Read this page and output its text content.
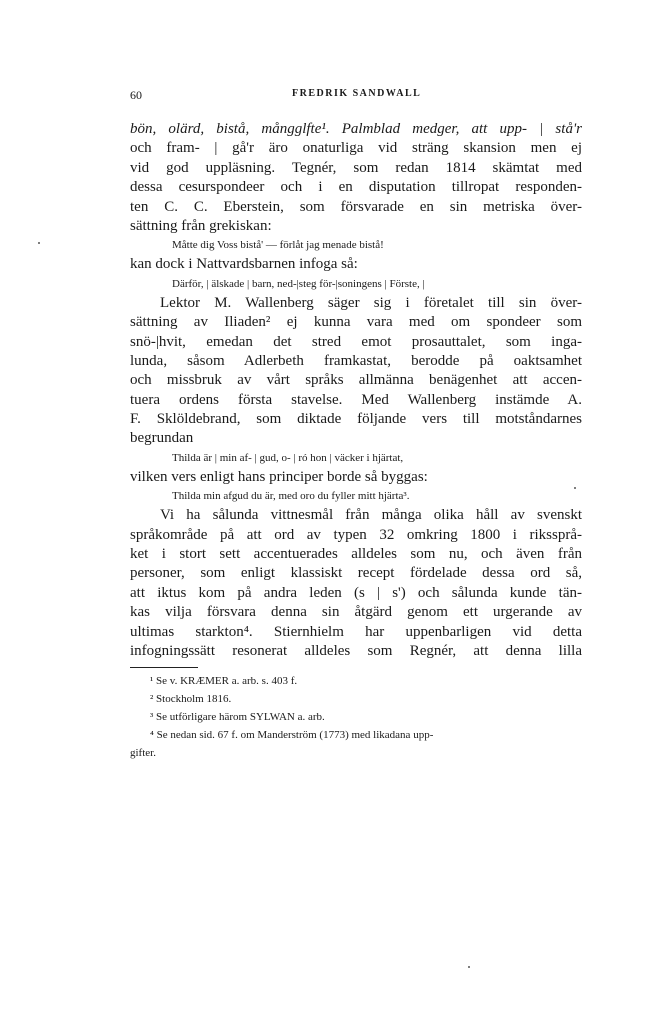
60	FREDRIK SANDWALL
bön, olärd, bistå, mångglfte¹. Palmblad medger, att upp- | stå'r
och fram- | gå'r äro onaturliga vid sträng skansion men ej
vid god uppläsning. Tegnér, som redan 1814 skämtat med
dessa cesurspondeer och i en disputation tillropat responden-
ten C. C. Eberstein, som försvarade en sin metriska över-
sättning från grekiskan:
Måtte dig Voss bistå' — förlåt jag menade bistå!
kan dock i Nattvardsbarnen infoga så:
Därför, | älskade | barn, ned-|steg för-|soningens | Förste, |
Lektor M. Wallenberg säger sig i företalet till sin över-
sättning av Iliaden² ej kunna vara med om spondeer som
snö-|hvit, emedan det stred emot prosauttalet, som inga-
lunda, såsom Adlerbeth framkastat, berodde på oaktsamhet
och missbruk av vårt språks allmänna benägenhet att accen-
tuera ordens första stavelse. Med Wallenberg instämde A.
F. Sklöldebrand, som diktade följande vers till motståndarnes
begrundan
Thilda är | min af- | gud, o- | ró hon | väcker i hjärtat,
vilken vers enligt hans principer borde så byggas:
Thilda min afgud du är, med oro du fyller mitt hjärta³.
Vi ha sålunda vittnesmål från många olika håll av svenskt
språkområde på att ord av typen 32 omkring 1800 i rikssprå-
ket i stort sett accentuerades alldeles som nu, och även från
personer, som enligt klassiskt recept fördelade dessa ord så,
att iktus kom på andra leden (s | s') och sålunda kunde tän-
kas vilja försvara denna sin åtgärd genom ett urgerande av
ultimas starkton⁴. Stiernhielm har uppenbarligen vid detta
infogningssätt resonerat alldeles som Regnér, att denna lilla
¹ Se v. KRÆMER a. arb. s. 403 f.
² Stockholm 1816.
³ Se utförligare härom SYLWAN a. arb.
⁴ Se nedan sid. 67 f. om Manderström (1773) med likadana upp-
gifter.
